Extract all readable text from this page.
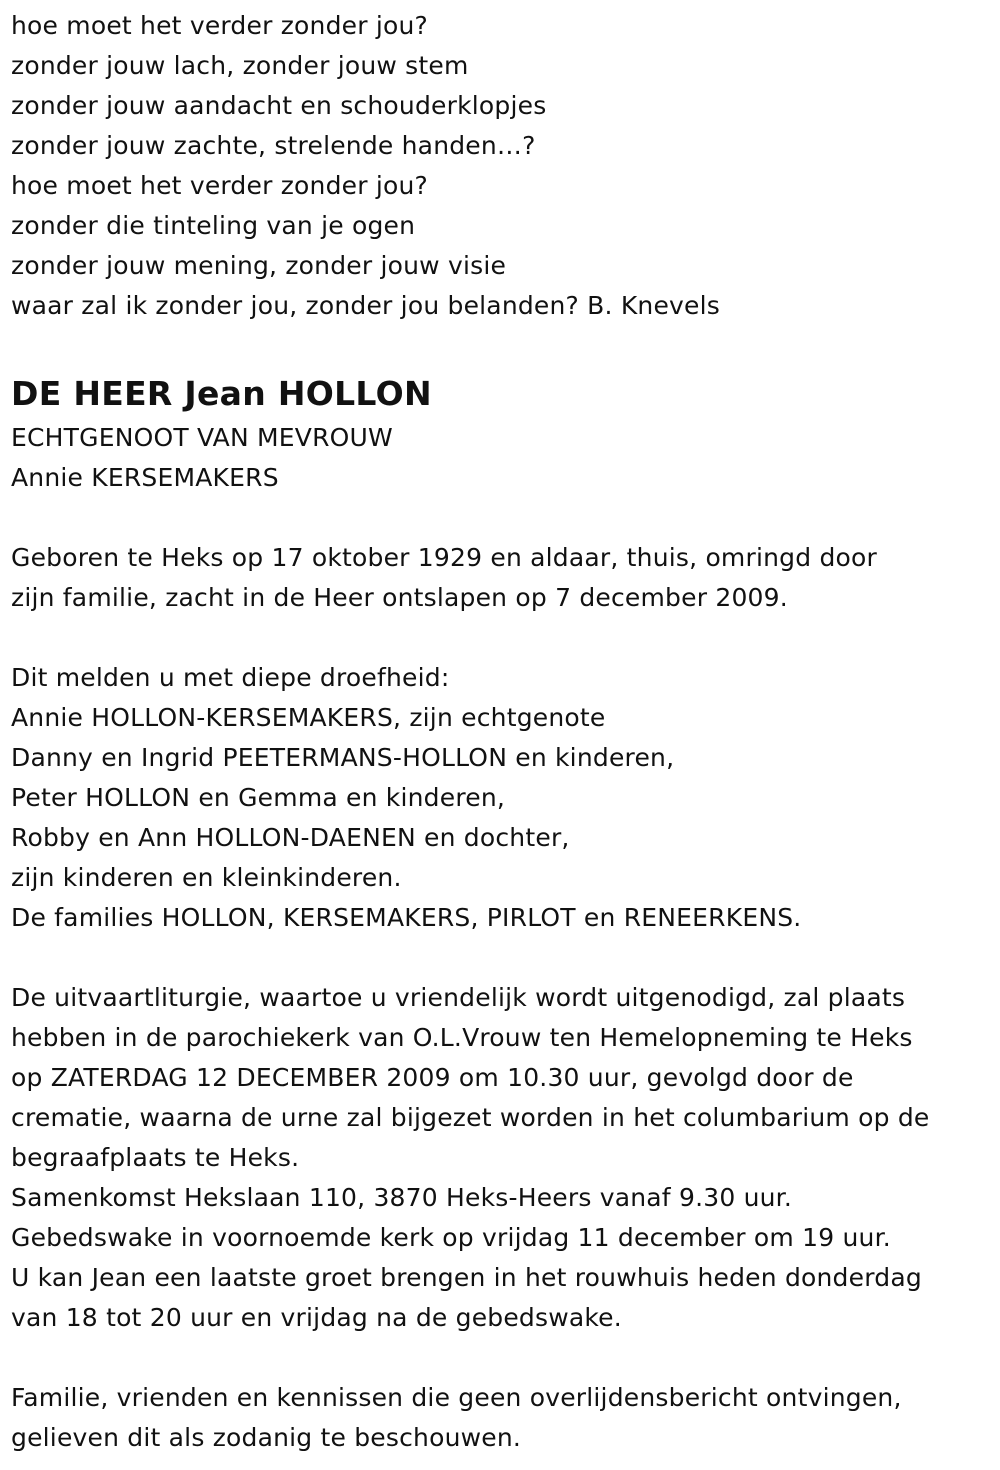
hoe moet het verder zonder jou?
zonder jouw lach, zonder jouw stem
zonder jouw aandacht en schouderklopjes
zonder jouw zachte, strelende handen…?
hoe moet het verder zonder jou?
zonder die tinteling van je ogen
zonder jouw mening, zonder jouw visie
waar zal ik zonder jou, zonder jou belanden? B. Knevels
DE HEER Jean HOLLON
ECHTGENOOT VAN MEVROUW
Annie KERSEMAKERS
Geboren te Heks op 17 oktober 1929 en aldaar, thuis, omringd door
zijn familie, zacht in de Heer ontslapen op 7 december 2009.
Dit melden u met diepe droefheid:
Annie HOLLON-KERSEMAKERS, zijn echtgenote
Danny en Ingrid PEETERMANS-HOLLON en kinderen,
Peter HOLLON en Gemma en kinderen,
Robby en Ann HOLLON-DAENEN en dochter,
zijn kinderen en kleinkinderen.
De families HOLLON, KERSEMAKERS, PIRLOT en RENEERKENS.
De uitvaartliturgie, waartoe u vriendelijk wordt uitgenodigd, zal plaats
hebben in de parochiekerk van O.L.Vrouw ten Hemelopneming te Heks
op ZATERDAG 12 DECEMBER 2009 om 10.30 uur, gevolgd door de
crematie, waarna de urne zal bijgezet worden in het columbarium op de
begraafplaats te Heks.
Samenkomst Hekslaan 110, 3870 Heks-Heers vanaf 9.30 uur.
Gebedswake in voornoemde kerk op vrijdag 11 december om 19 uur.
U kan Jean een laatste groet brengen in het rouwhuis heden donderdag
van 18 tot 20 uur en vrijdag na de gebedswake.
Familie, vrienden en kennissen die geen overlijdensbericht ontvingen,
gelieven dit als zodanig te beschouwen.
